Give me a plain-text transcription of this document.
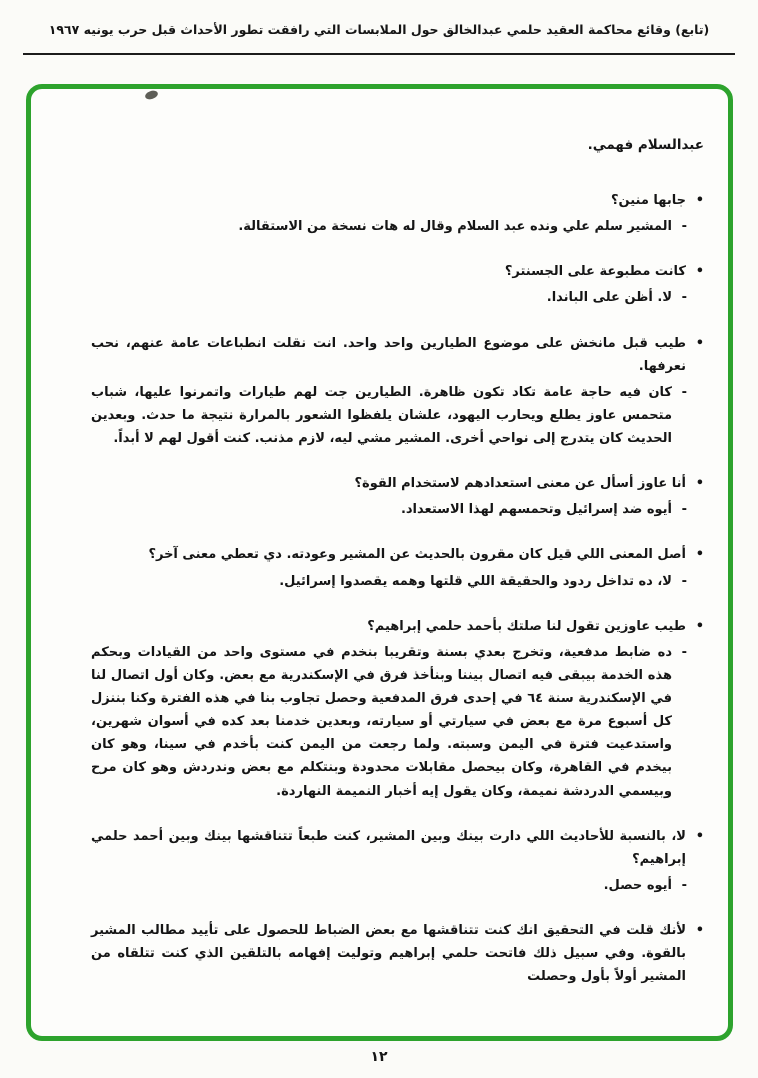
(تابع) وقائع محاكمة العقيد حلمي عبدالخالق حول الملابسات التي رافقت تطور الأحداث قبل حرب يونيه ١٩٦٧

عبدالسلام فهمي.

•
جابها منين؟
-
المشير سلم علي ونده عبد السلام وقال له هات نسخة من الاستقالة.
•
كانت مطبوعة على الجسنتر؟
-
لا. أظن على الباندا.
•
طيب قبل مانخش على موضوع الطيارين واحد واحد. انت نقلت انطباعات عامة عنهم، نحب نعرفها.
-
كان فيه حاجة عامة تكاد تكون ظاهرة. الطيارين جت لهم طيارات واتمرنوا عليها، شباب متحمس عاوز يطلع ويحارب اليهود، علشان يلفظوا الشعور بالمرارة نتيجة ما حدث. وبعدين الحديث كان يتدرج إلى نواحي أخرى. المشير مشي ليه، لازم مذنب. كنت أقول لهم لا أبداً.
•
أنا عاوز أسأل عن معنى استعدادهم لاستخدام القوة؟
-
أيوه ضد إسرائيل وتحمسهم لهذا الاستعداد.
•
أصل المعنى اللي قيل كان مقرون بالحديث عن المشير وعودته. دي تعطي معنى آخر؟
-
لا، ده تداخل ردود والحقيقة اللي قلتها وهمه يقصدوا إسرائيل.
•
طيب عاوزين تقول لنا صلتك بأحمد حلمي إبراهيم؟
-
ده ضابط مدفعية، وتخرج بعدي بسنة وتقريبا بنخدم في مستوى واحد من القيادات وبحكم هذه الخدمة بيبقى فيه اتصال بيننا وبنأخذ فرق في الإسكندرية مع بعض. وكان أول اتصال لنا في الإسكندرية سنة ٦٤ في إحدى فرق المدفعية وحصل تجاوب بنا في هذه الفترة وكنا بننزل كل أسبوع مرة مع بعض في سيارتي أو سيارته، وبعدين خدمنا بعد كده في أسوان شهرين، واستدعيت فترة في اليمن وسبته. ولما رجعت من اليمن كنت بأخدم في سينا، وهو كان بيخدم في القاهرة، وكان بيحصل مقابلات محدودة وبنتكلم مع بعض وندردش وهو كان مرح وبيسمي الدردشة نميمة، وكان يقول إيه أخبار النميمة النهاردة.
•
لا، بالنسبة للأحاديث اللي دارت بينك وبين المشير، كنت طبعاً تتناقشها بينك وبين أحمد حلمي إبراهيم؟
-
أيوه حصل.
•
لأنك قلت في التحقيق انك كنت تتناقشها مع بعض الضباط للحصول على تأييد مطالب المشير بالقوة. وفي سبيل ذلك فاتحت حلمي إبراهيم وتوليت إفهامه بالتلقين الذي كنت تتلقاه من المشير أولاً بأول وحصلت
١٢
